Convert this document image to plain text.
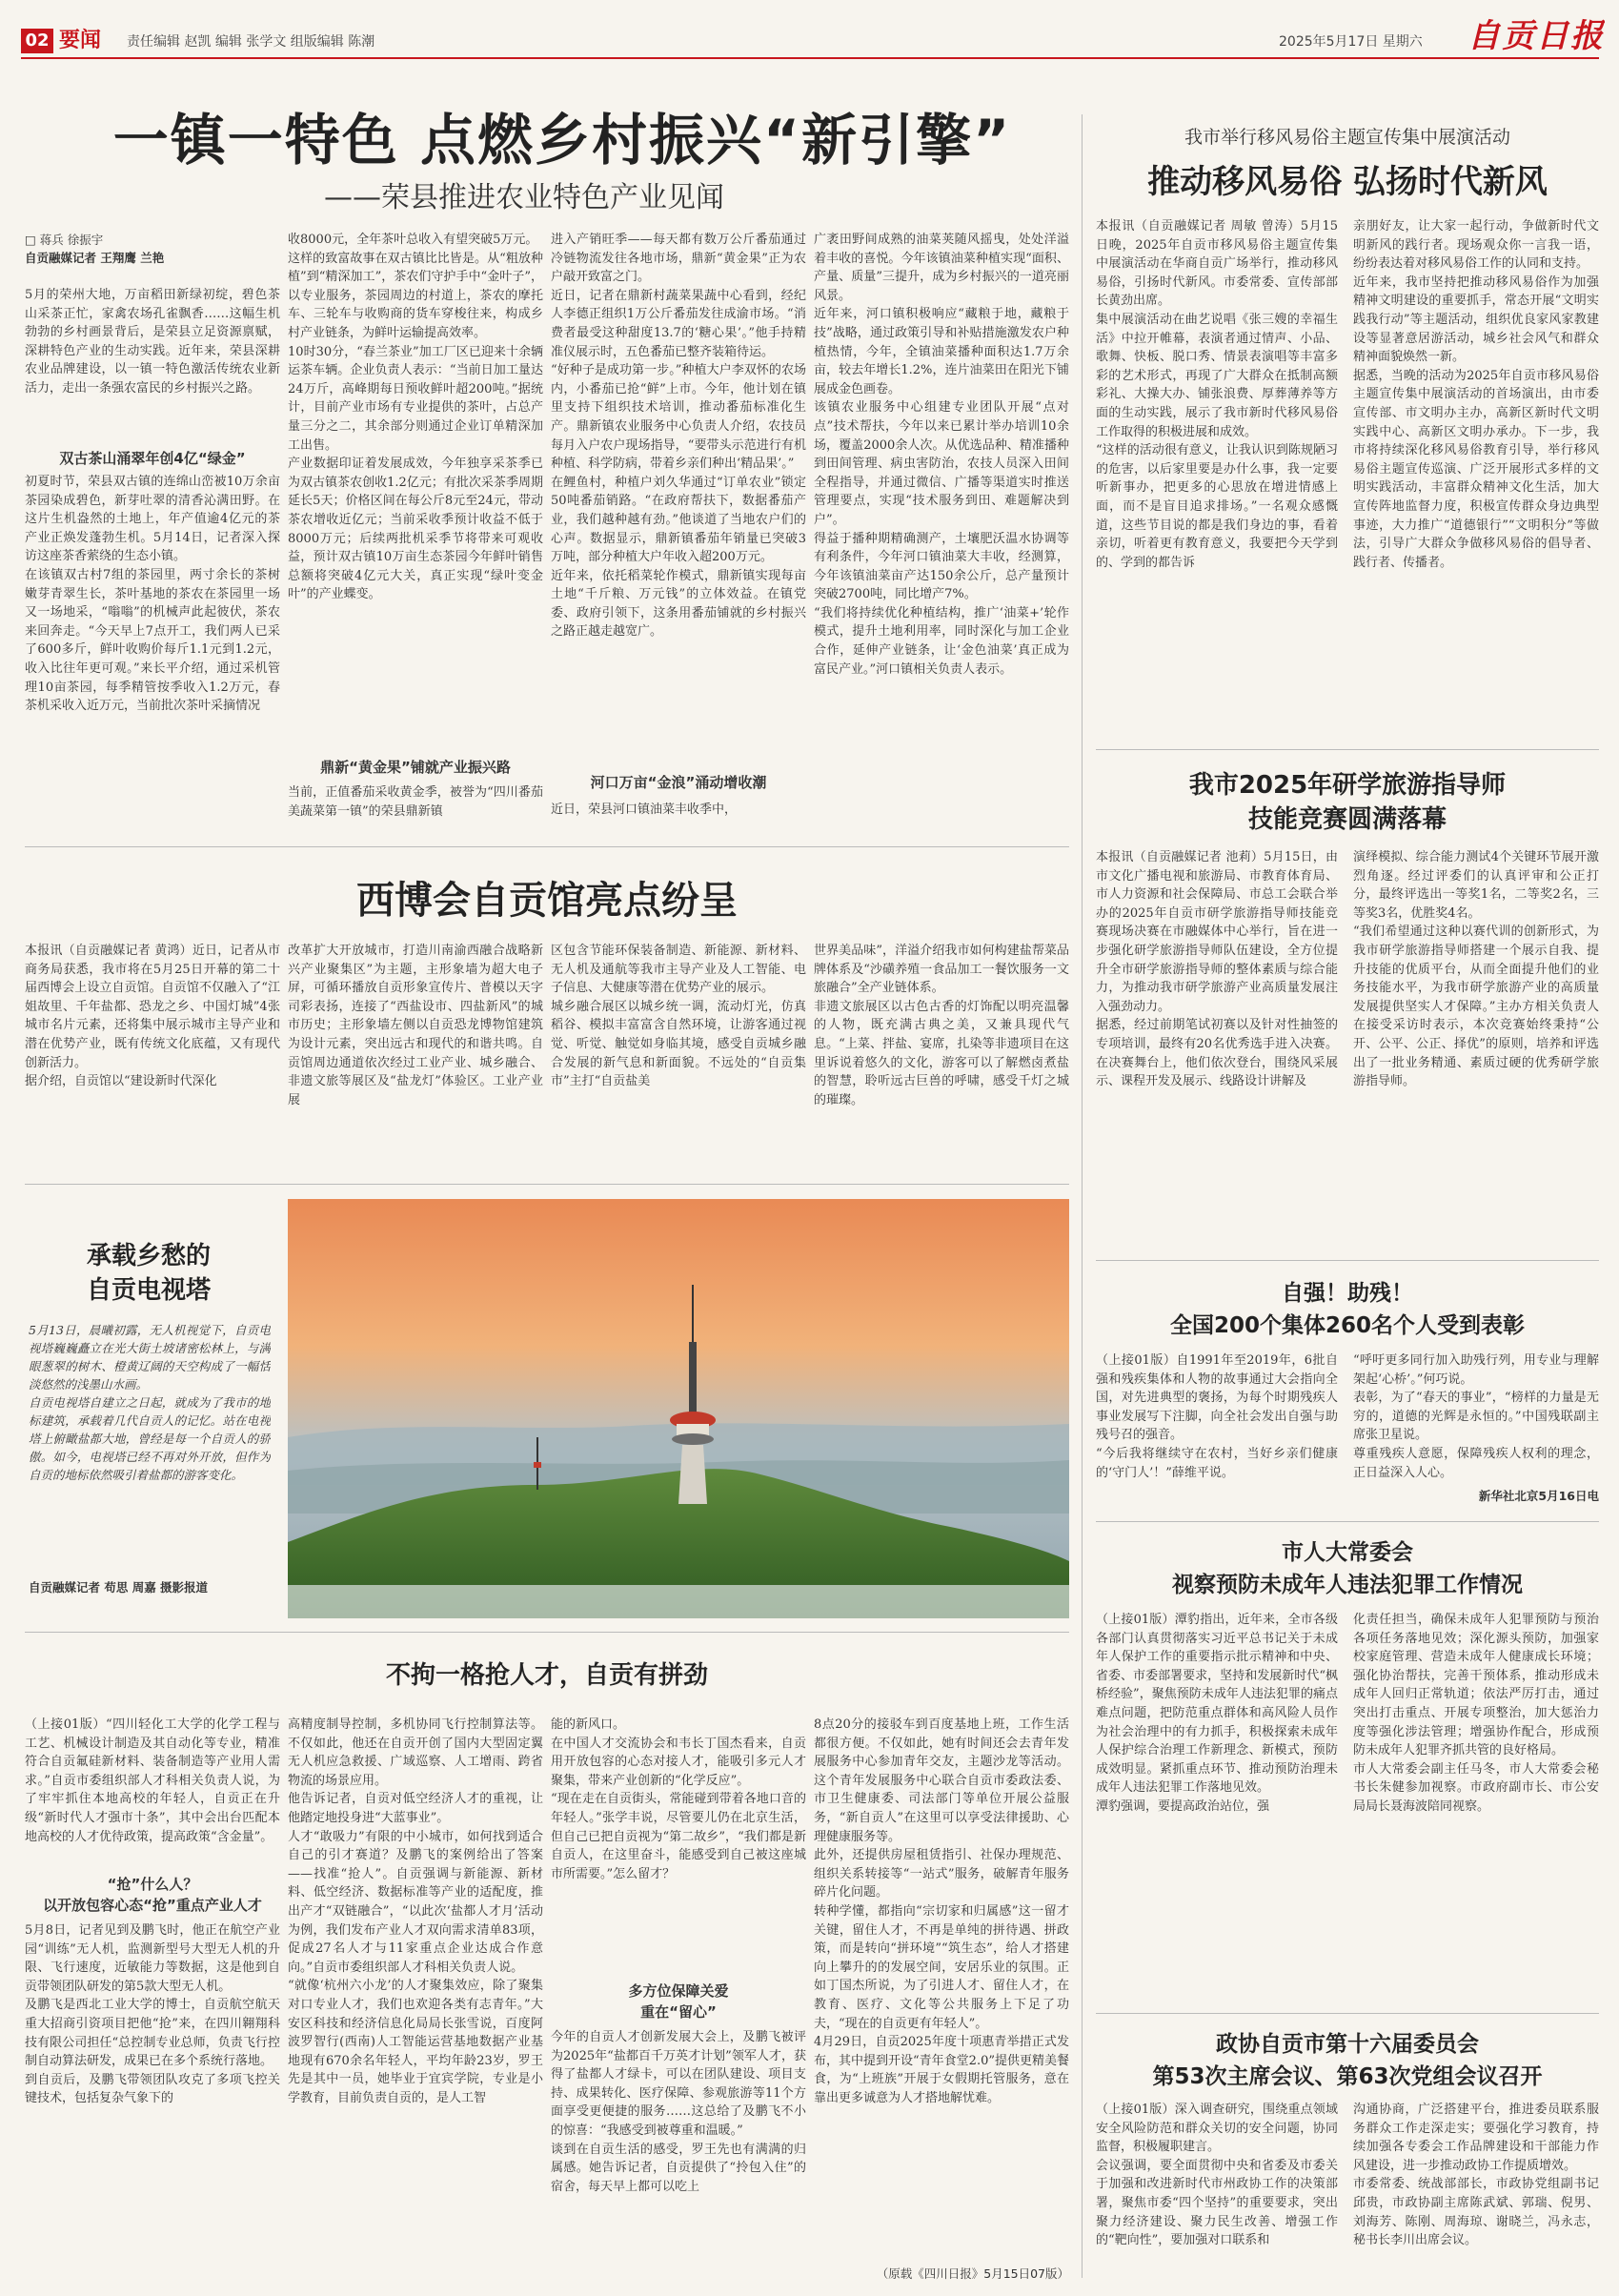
02 要闻 责任编辑 赵凯 编辑 张学文 组版编辑 陈潮	2025年5月17日 星期六 自贡日报
一镇一特色 点燃乡村振兴“新引擎”
——荣县推进农业特色产业见闻
□ 蒋兵 徐振宇
自贡融媒记者 王翔鹰 兰艳
5月的荣州大地，万亩稻田新绿初绽，碧色茶山采茶正忙，家禽农场孔雀飘香……这幅生机勃勃的乡村画景背后，是荣县立足资源禀赋，深耕特色产业的生动实践。近年来，荣县深耕农业品牌建设，以一镇一特色激活传统农业新活力，走出一条强农富民的乡村振兴之路。
双古茶山涌翠年创4亿“绿金”
初夏时节，荣县双古镇的连绵山峦被10万余亩茶园染成碧色，新芽吐翠的清香沁满田野。在这片生机盎然的土地上，年产值逾4亿元的茶产业正焕发蓬勃生机。5月14日，记者深入探访这座茶香萦绕的生态小镇。
在该镇双古村7组的茶园里，两寸余长的茶树嫩芽青翠生长，茶叶基地的茶农在茶园里一场又一场地采，“嗡嗡”的机械声此起彼伏，茶农来回奔走。“今天早上7点开工，我们两人已采了600多斤，鲜叶收购价每斤1.1元到1.2元，收入比往年更可观。”来长平介绍，通过采机管理10亩茶园，每季精管按季收入1.2万元，春茶机采收入近万元，当前批次茶叶采摘情况
收8000元，全年茶叶总收入有望突破5万元。
这样的致富故事在双古镇比比皆是。从“粗放种植”到“精深加工”，茶农们守护手中“金叶子”，以专业服务，茶园周边的村道上，茶农的摩托车、三轮车与收购商的货车穿梭往来，构成乡村产业链条，为鲜叶运输提高效率。
10时30分，“春兰茶业”加工厂区已迎来十余辆运茶车辆。企业负责人表示：“当前日加工量达24万斤，高峰期每日预收鲜叶超200吨。”据统计，目前产业市场有专业提供的茶叶，占总产量三分之二，其余部分则通过企业订单精深加工出售。
产业数据印证着发展成效，今年独享采茶季已为双古镇茶农创收1.2亿元；有批次采茶季周期延长5天；价格区间在每公斤8元至24元，带动茶农增收近亿元；当前采收季预计收益不低于8000万元；后续两批机采季节将带来可观收益，预计双古镇10万亩生态茶园今年鲜叶销售总额将突破4亿元大关，真正实现“绿叶变金叶”的产业蝶变。
鼎新“黄金果”铺就产业振兴路
当前，正值番茄采收黄金季，被誉为“四川番茄美蔬菜第一镇”的荣县鼎新镇
进入产销旺季——每天都有数万公斤番茄通过冷链物流发往各地市场，鼎新“黄金果”正为农户敲开致富之门。
近日，记者在鼎新村蔬菜果蔬中心看到，经纪人李德正组织1万公斤番茄发往成渝市场。“消费者最受这种甜度13.7的‘糖心果’。”他手持精准仪展示时，五色番茄已整齐装箱待运。
“好种子是成功第一步。”种植大户李双怀的农场内，小番茄已抢“鲜”上市。今年，他计划在镇里支持下组织技术培训，推动番茄标准化生产。鼎新镇农业服务中心负责人介绍，农技员每月入户农户现场指导，“要带头示范进行有机种植、科学防病，带着乡亲们种出‘精品果’。”
在鲤鱼村，种植户刘久华通过“订单农业”锁定50吨番茄销路。“在政府帮扶下，数据番茄产业，我们越种越有劲。”他谈道了当地农户们的心声。数据显示，鼎新镇番茄年销量已突破3万吨，部分种植大户年收入超200万元。
近年来，依托稻菜轮作模式，鼎新镇实现每亩土地“千斤粮、万元钱”的立体效益。在镇党委、政府引领下，这条用番茄铺就的乡村振兴之路正越走越宽广。
河口万亩“金浪”涌动增收潮
近日，荣县河口镇油菜丰收季中，
广袤田野间成熟的油菜荚随风摇曳，处处洋溢着丰收的喜悦。今年该镇油菜种植实现“面积、产量、质量”三提升，成为乡村振兴的一道亮丽风景。
近年来，河口镇积极响应“藏粮于地，藏粮于技”战略，通过政策引导和补贴措施激发农户种植热情，今年，全镇油菜播种面积达1.7万余亩，较去年增长1.2%，连片油菜田在阳光下铺展成金色画卷。
该镇农业服务中心组建专业团队开展“点对点”技术帮扶，今年以来已累计举办培训10余场，覆盖2000余人次。从优选品种、精准播种到田间管理、病虫害防治，农技人员深入田间全程指导，并通过微信、广播等渠道实时推送管理要点，实现“技术服务到田、难题解决到户”。
得益于播种期精确测产，土壤肥沃温水协调等有利条件，今年河口镇油菜大丰收，经测算，今年该镇油菜亩产达150余公斤，总产量预计突破2700吨，同比增产7%。
“我们将持续优化种植结构，推广‘油菜+’轮作模式，提升土地利用率，同时深化与加工企业合作，延伸产业链条，让‘金色油菜’真正成为富民产业。”河口镇相关负责人表示。
我市举行移风易俗主题宣传集中展演活动
推动移风易俗 弘扬时代新风
本报讯（自贡融媒记者 周敏 曾涛）5月15日晚，2025年自贡市移风易俗主题宣传集中展演活动在华商自贡广场举行，推动移风易俗，引扬时代新风。市委常委、宣传部部长黄劲出席。
集中展演活动在曲艺说唱《张三嫂的幸福生活》中拉开帷幕，表演者通过情声、小品、歌舞、快板、脱口秀、情景表演唱等丰富多彩的艺术形式，再现了广大群众在抵制高额彩礼、大操大办、铺张浪费、厚葬薄养等方面的生动实践，展示了我市新时代移风易俗工作取得的积极进展和成效。
“这样的活动很有意义，让我认识到陈规陋习的危害，以后家里要是办什么事，我一定要听新事办，把更多的心思放在增进情感上面，而不是盲目追求排场。”一名观众感慨道，这些节目说的都是我们身边的事，看着亲切，听着更有教育意义，我要把今天学到的、学到的都告诉
亲朋好友，让大家一起行动，争做新时代文明新风的践行者。现场观众你一言我一语，纷纷表达着对移风易俗工作的认同和支持。
近年来，我市坚持把推动移风易俗作为加强精神文明建设的重要抓手，常态开展“文明实践我行动”等主题活动，组织优良家风家教建设等显著意居游活动，城乡社会风气和群众精神面貌焕然一新。
据悉，当晚的活动为2025年自贡市移风易俗主题宣传集中展演活动的首场演出，由市委宣传部、市文明办主办，高新区新时代文明实践中心、高新区文明办承办。下一步，我市将持续深化移风易俗教育引导，举行移风易俗主题宣传巡演、广泛开展形式多样的文明实践活动，丰富群众精神文化生活，加大宣传阵地监督力度，积极宣传群众身边典型事迹，大力推广“道德银行”“文明积分”等做法，引导广大群众争做移风易俗的倡导者、践行者、传播者。
我市2025年研学旅游指导师
技能竞赛圆满落幕
本报讯（自贡融媒记者 池莉）5月15日，由市文化广播电视和旅游局、市教育体育局、市人力资源和社会保障局、市总工会联合举办的2025年自贡市研学旅游指导师技能竞赛现场决赛在市融媒体中心举行，旨在进一步强化研学旅游指导师队伍建设，全方位提升全市研学旅游指导师的整体素质与综合能力，为推动我市研学旅游产业高质量发展注入强劲动力。
据悉，经过前期笔试初赛以及针对性抽签的专项培训，最终有20名优秀选手进入决赛。在决赛舞台上，他们依次登台，围绕风采展示、课程开发及展示、线路设计讲解及
演绎模拟、综合能力测试4个关键环节展开激烈角逐。经过评委们的认真评审和公正打分，最终评选出一等奖1名，二等奖2名，三等奖3名，优胜奖4名。
“我们希望通过这种以赛代训的创新形式，为我市研学旅游指导师搭建一个展示自我、提升技能的优质平台，从而全面提升他们的业务技能水平，为我市研学旅游产业的高质量发展提供坚实人才保障。”主办方相关负责人在接受采访时表示，本次竞赛始终秉持“公开、公平、公正、择优”的原则，培养和评选出了一批业务精通、素质过硬的优秀研学旅游指导师。
西博会自贡馆亮点纷呈
本报讯（自贡融媒记者 黄鸿）近日，记者从市商务局获悉，我市将在5月25日开幕的第二十届西博会上设立自贡馆。自贡馆不仅融入了“江姐故里、千年盐都、恐龙之乡、中国灯城”4张城市名片元素，还将集中展示城市主导产业和潜在优势产业，既有传统文化底蕴，又有现代创新活力。
据介绍，自贡馆以“建设新时代深化
改革扩大开放城市，打造川南渝西融合战略新兴产业聚集区”为主题，主形象墙为超大电子屏，可循环播放自贡形象宣传片、普模以天字司彩表扬，连接了“西盐设市、四盐新风”的城市历史；主形象墙左侧以自贡恐龙博物馆建筑为设计元素，突出远古和现代的和谐共鸣。自贡馆周边通道依次经过工业产业、城乡融合、非遗文旅等展区及“盐龙灯”体验区。工业产业展
区包含节能环保装备制造、新能源、新材料、无人机及通航等我市主导产业及人工智能、电子信息、大健康等潜在优势产业的展示。
城乡融合展区以城乡统一调，流动灯光，仿真稻谷、模拟丰富富含自然环境，让游客通过视觉、听觉、触觉如身临其境，感受自贡城乡融合发展的新气息和新面貌。不远处的“自贡集市”主打“自贡盐美
世界美品味”，洋溢介绍我市如何构建盐帮菜品牌体系及“沙磺养殖一食品加工一餐饮服务一文旅融合”全产业链体系。
非遗文旅展区以古色古香的灯饰配以明亮温馨的人物，既充满古典之美，又兼具现代气息。“上菜、拌盐、宴席，扎染等非遗项目在这里诉说着悠久的文化，游客可以了解燃卤煮盐的智慧，聆听远古巨兽的呼啸，感受千灯之城的璀璨。
承载乡愁的
自贡电视塔
5月13日，晨曦初露，无人机视觉下，自贡电视塔巍巍矗立在光大街土坡诸密松林上，与满眼葱翠的树木、橙黄辽阔的天空构成了一幅恬淡悠然的浅墨山水画。
自贡电视塔自建立之日起，就成为了我市的地标建筑，承载着几代自贡人的记忆。站在电视塔上俯瞰盐都大地，曾经是每一个自贡人的骄傲。如今，电视塔已经不再对外开放，但作为自贡的地标依然吸引着盐都的游客变化。
自贡融媒记者 苟思 周嘉 摄影报道
自强！助残！
全国200个集体260名个人受到表彰
（上接01版）自1991年至2019年，6批自强和残疾集体和人物的故事通过大会指向全国，对先进典型的褒扬，为每个时期残疾人事业发展写下注脚，向全社会发出自强与助残号召的强音。
“今后我将继续守在农村，当好乡亲们健康的‘守门人’！”薛维平说。
“呼吁更多同行加入助残行列，用专业与理解架起‘心桥’。”何巧说。
表彰，为了“春天的事业”，“榜样的力量是无穷的，道德的光辉是永恒的。”中国残联副主席张卫星说。
尊重残疾人意愿，保障残疾人权利的理念，正日益深入人心。
新华社北京5月16日电
市人大常委会
视察预防未成年人违法犯罪工作情况
（上接01版）潭豹指出，近年来，全市各级各部门认真贯彻落实习近平总书记关于未成年人保护工作的重要指示批示精神和中央、省委、市委部署要求，坚持和发展新时代“枫桥经验”，聚焦预防未成年人违法犯罪的痛点难点问题，把防范重点群体和高风险人员作为社会治理中的有力抓手，积极探索未成年人保护综合治理工作新理念、新模式，预防成效明显。紧抓重点环节、推动预防治理未成年人违法犯罪工作落地见效。
潭豹强调，要提高政治站位，强
化责任担当，确保未成年人犯罪预防与预治各项任务落地见效；深化源头预防，加强家校家庭管理、营造未成年人健康成长环境；强化协治帮扶，完善干预体系，推动形成未成年人回归正常轨道；依法严厉打击，通过突出打击重点、开展专项整治，加大惩治力度等强化涉法管理；增强协作配合，形成预防未成年人犯罪齐抓共管的良好格局。
市人大常委会副主任马冬，市人大常委会秘书长朱健参加视察。市政府副市长、市公安局局长聂海波陪同视察。
政协自贡市第十六届委员会
第53次主席会议、第63次党组会议召开
（上接01版）深入调查研究，围绕重点领域安全风险防范和群众关切的安全问题，协同监督，积极履职建言。
会议强调，要全面贯彻中央和省委及市委关于加强和改进新时代市州政协工作的决策部署，聚焦市委“四个坚持”的重要要求，突出聚力经济建设、聚力民生改善、增强工作的“靶向性”，要加强对口联系和
沟通协商，广泛搭建平台，推进委员联系服务群众工作走深走实；要强化学习教育，持续加强各专委会工作品牌建设和干部能力作风建设，进一步推动政协工作提质增效。
市委常委、统战部部长，市政协党组副书记邱贵，市政协副主席陈武斌、郭瑞、倪男、刘海芳、陈刚、周海琼、谢晓兰，冯永志，秘书长李川出席会议。
不拘一格抢人才，自贡有拼劲
（上接01版）“四川轻化工大学的化学工程与工艺、机械设计制造及其自动化等专业，精准符合自贡氟硅新材料、装备制造等产业用人需求。”自贡市委组织部人才科相关负责人说，为了牢牢抓住本地高校的年轻人，自贡正在升级“新时代人才强市十条”，其中会出台匹配本地高校的人才优待政策，提高政策“含金量”。
“抢”什么人？
以开放包容心态“抢”重点产业人才
5月8日，记者见到及鹏飞时，他正在航空产业园“训练”无人机，监测新型号大型无人机的升限、飞行速度，近敏能力等数据，这是他到自贡带领团队研发的第5款大型无人机。
及鹏飞是西北工业大学的博士，自贡航空航天重大招商引资项目把他“抢”来，在四川翱翔科技有限公司担任“总控制专业总师，负责飞行控制自动算法研发，成果已在多个系统行落地。
到自贡后，及鹏飞带领团队攻克了多项飞控关键技术，包括复杂气象下的
高精度制导控制，多机协同飞行控制算法等。不仅如此，他还在自贡开创了国内大型固定翼无人机应急救援、广域巡察、人工增雨、跨省物流的场景应用。
他告诉记者，自贡对低空经济人才的重视，让他踏定地投身进“大蓝事业”。
人才“敢吸力”有限的中小城市，如何找到适合自己的引才赛道？及鹏飞的案例给出了答案——找准“抢人”。自贡强调与新能源、新材料、低空经济、数据标准等产业的适配度，推出产才“双链融合”，“以此次‘盐都人才月’活动为例，我们发布产业人才双向需求清单83项，促成27名人才与11家重点企业达成合作意向。”自贡市委组织部人才科相关负责人说。
“就像‘杭州六小龙’的人才聚集效应，除了聚集对口专业人才，我们也欢迎各类有志青年。”大安区科技和经济信息化局局长张雪说，百度阿波罗智行(西南)人工智能运营基地数据产业基地现有670余名年轻人，平均年龄23岁，罗王先是其中一员，她毕业于宜宾学院，专业是小学教育，目前负责自贡的，是人工智
能的新风口。
在中国人才交流协会和韦长丁国杰看来，自贡用开放包容的心态对接人才，能吸引多元人才聚集，带来产业创新的“化学反应”。
“现在走在自贡街头，常能碰到带着各地口音的年轻人。”张学丰说，尽管要儿仍在北京生活，但自己已把自贡视为“第二故乡”，“我们都是新自贡人，在这里奋斗，能感受到自己被这座城市所需要。”怎么留才？
多方位保障关爱
重在“留心”
今年的自贡人才创新发展大会上，及鹏飞被评为2025年“盐都百千万英才计划”领军人才，获得了盐都人才绿卡，可以在团队建设、项目支持、成果转化、医疗保障、参观旅游等11个方面享受更便捷的服务……这总给了及鹏飞不小的惊喜：“我感受到被尊重和温暖。”
谈到在自贡生活的感受，罗王先也有满满的归属感。她告诉记者，自贡提供了“拎包入住”的宿舍，每天早上都可以吃上
8点20分的接驳车到百度基地上班，工作生活都很方便。不仅如此，她有时间还会去青年发展服务中心参加青年交友，主题沙龙等活动。这个青年发展服务中心联合自贡市委政法委、市卫生健康委、司法部门等单位开展公益服务，“新自贡人”在这里可以享受法律援助、心理健康服务等。
此外，还提供房屋租赁指引、社保办理规范、组织关系转接等“一站式”服务，破解青年服务碎片化问题。
转种学懂，都指向“宗切家和归属感”这一留才关键，留住人才，不再是单纯的拼待遇、拼政策，而是转向“拼环境”“筑生态”，给人才搭建向上攀升的的发展空间，安居乐业的氛围。正如丁国杰所说，为了引进人才、留住人才，在教育、医疗、文化等公共服务上下足了功夫，“现在的自贡更有年轻人”。
4月29日，自贡2025年度十项惠青举措正式发布，其中提到开设“青年食堂2.0”提供更精美餐食，为“上班族”开展于女假期托管服务，意在靠出更多诚意为人才搭地解忧难。
（原载《四川日报》5月15日07版）
